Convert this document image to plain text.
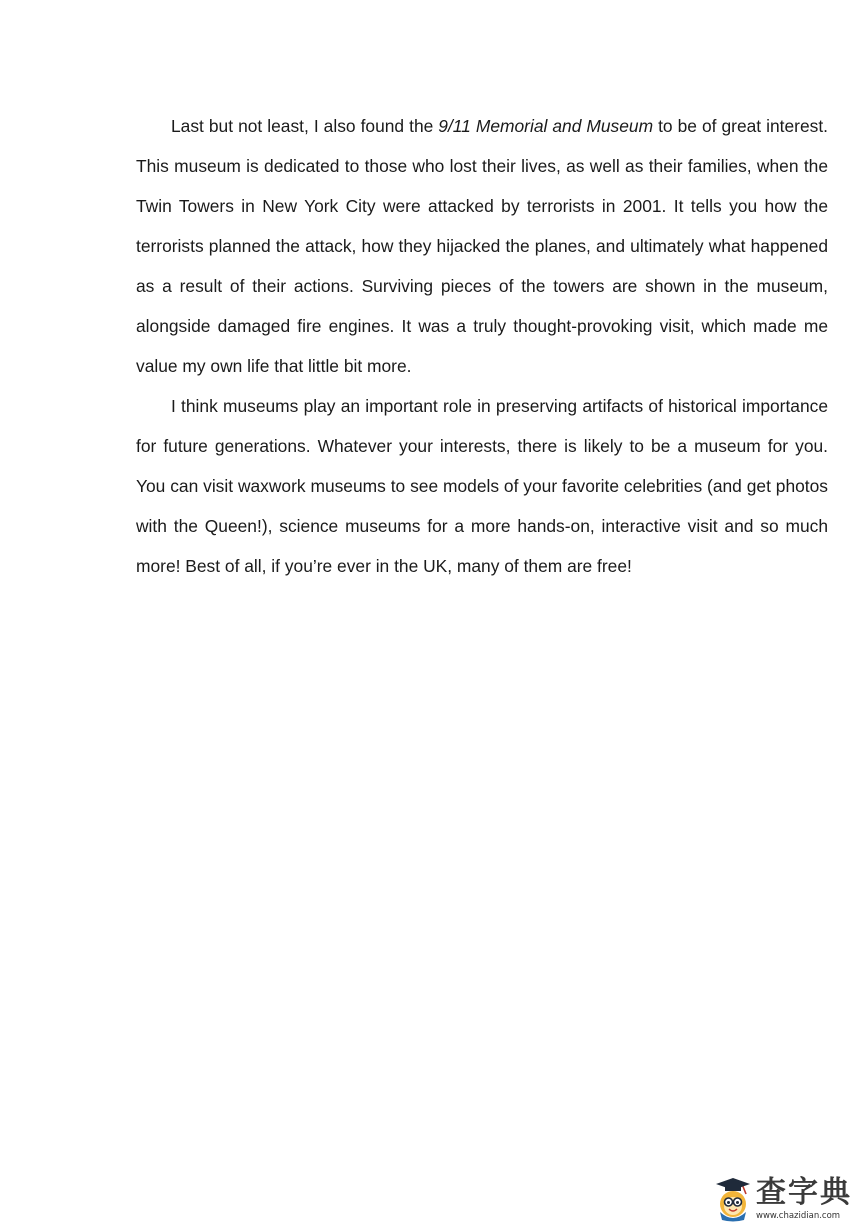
Last but not least, I also found the 9/11 Memorial and Museum to be of great interest. This museum is dedicated to those who lost their lives, as well as their families, when the Twin Towers in New York City were attacked by terrorists in 2001. It tells you how the terrorists planned the attack, how they hijacked the planes, and ultimately what happened as a result of their actions. Surviving pieces of the towers are shown in the museum, alongside damaged fire engines. It was a truly thought-provoking visit, which made me value my own life that little bit more.

I think museums play an important role in preserving artifacts of historical importance for future generations. Whatever your interests, there is likely to be a museum for you. You can visit waxwork museums to see models of your favorite celebrities (and get photos with the Queen!), science museums for a more hands-on, interactive visit and so much more! Best of all, if you’re ever in the UK, many of them are free!

查字典
www.chazidian.com
